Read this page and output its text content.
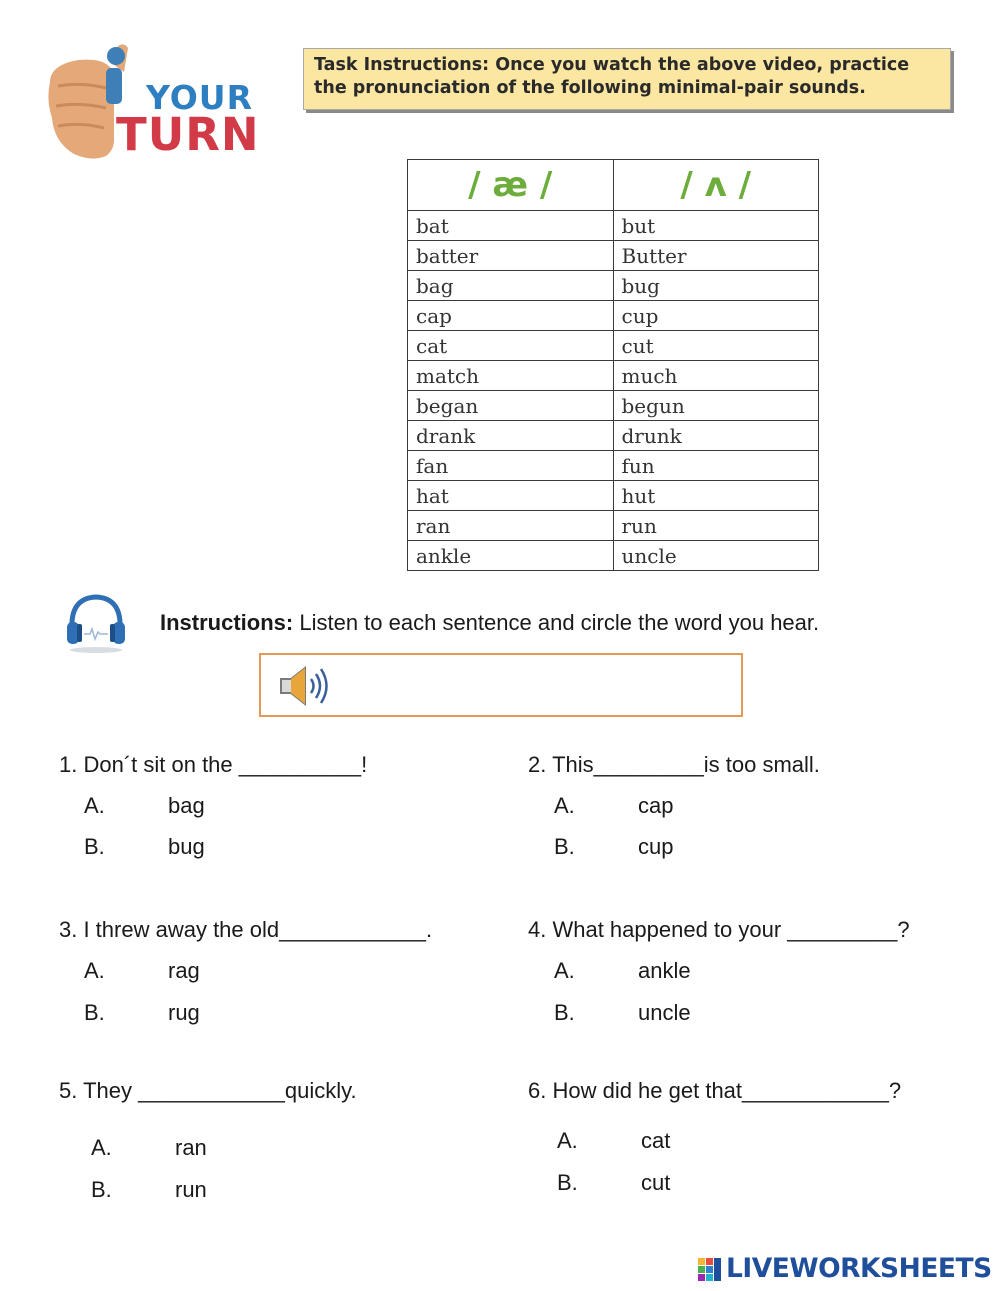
YOUR
TURN
Task Instructions: Once you watch the above video, practice the pronunciation of the following minimal-pair sounds.
/ æ /	/ ʌ /
bat	but
batter	Butter
bag	bug
cap	cup
cat	cut
match	much
began	begun
drank	drunk
fan	fun
hat	hut
ran	run
ankle	uncle
Instructions: Listen to each sentence and circle the word you hear.
1. Don´t sit on the __________!
A.	bag
B.	bug
2. This_________is too small.
A.	cap
B.	cup
3. I threw away the old____________.
A.	rag
B.	rug
4. What happened to your _________?
A.	ankle
B.	uncle
5. They ____________quickly.
A.	ran
B.	run
6. How did he get that____________?
A.	cat
B.	cut
LIVEWORKSHEETS
